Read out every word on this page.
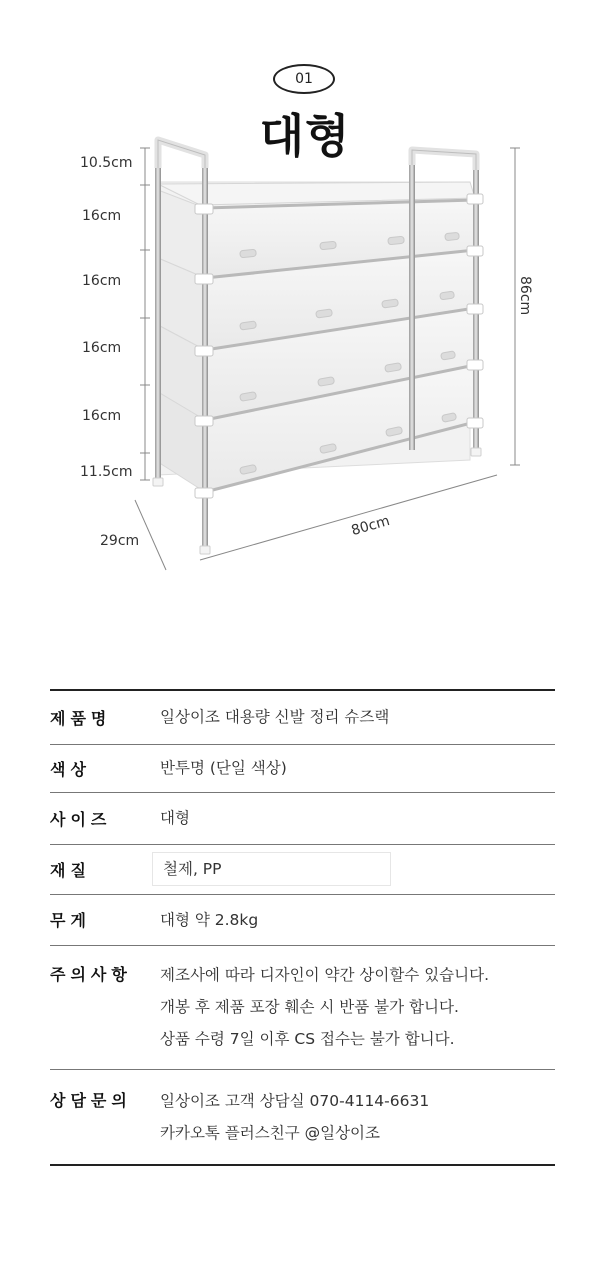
01
대형
10.5cm
16cm
16cm
16cm
16cm
11.5cm
29cm
80cm
86cm
제품명	일상이조 대용량 신발 정리 슈즈랙
색상	반투명 (단일 색상)
사이즈	대형
재질	철제, PP
무게	대형 약 2.8kg
주의사항	제조사에 따라 디자인이 약간 상이할수 있습니다.
개봉 후 제품 포장 훼손 시 반품 불가 합니다.
상품 수령 7일 이후 CS 접수는 불가 합니다.

상담문의	일상이조 고객 상담실 070-4114-6631
카카오톡 플러스친구 @일상이조
